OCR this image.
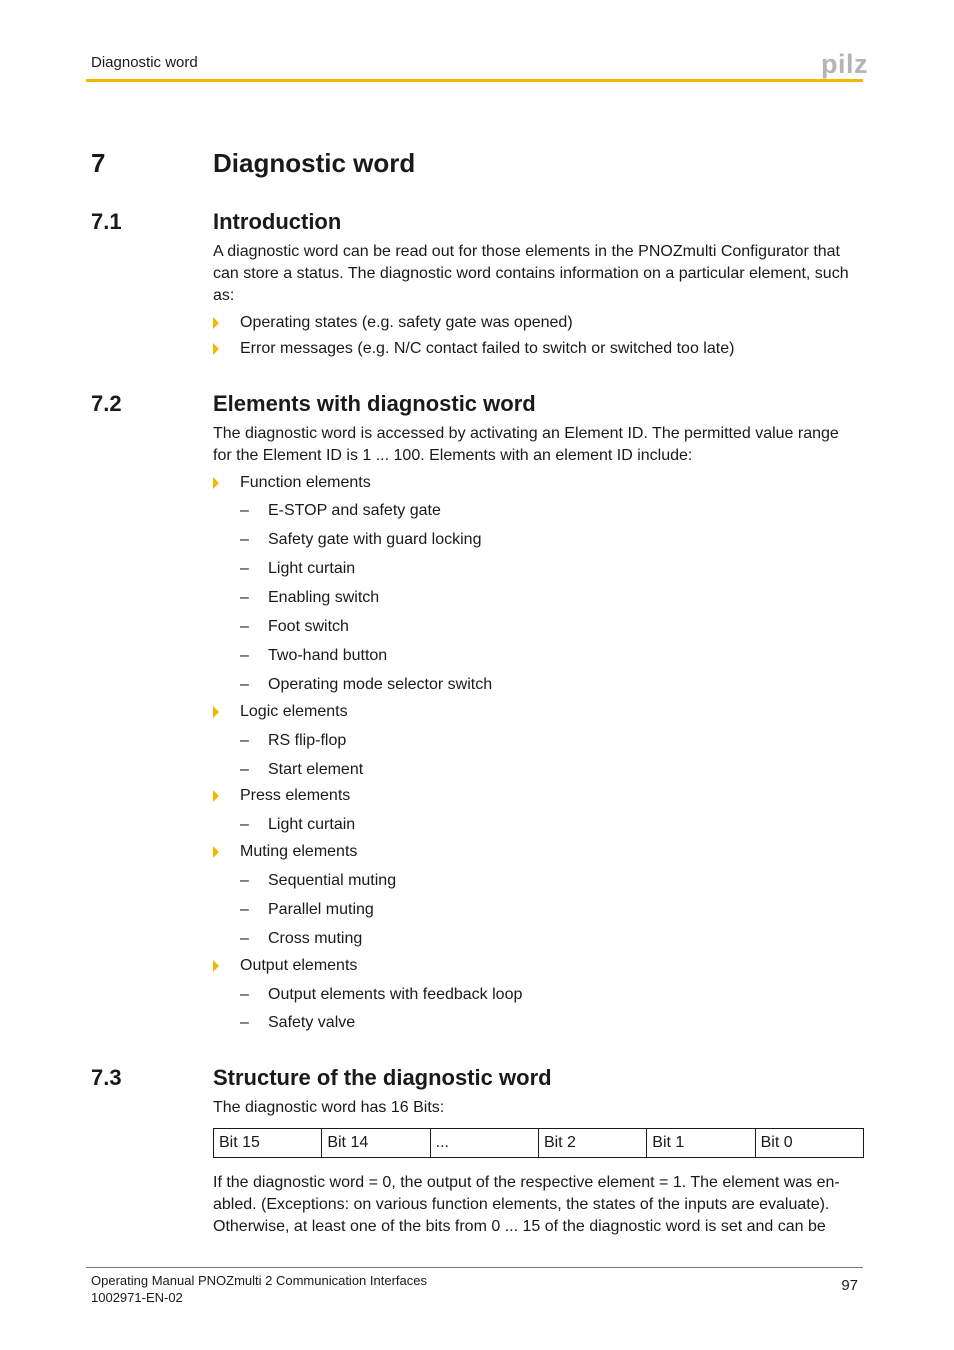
Diagnostic word	pilz
7	Diagnostic word
7.1	Introduction

A diagnostic word can be read out for those elements in the PNOZmulti Configurator that can store a status. The diagnostic word contains information on a particular element, such as:

Operating states (e.g. safety gate was opened)
Error messages (e.g. N/C contact failed to switch or switched too late)
7.2	Elements with diagnostic word

The diagnostic word is accessed by activating an Element ID. The permitted value range for the Element ID is 1 ... 100. Elements with an element ID include:

Function elements
– E-STOP and safety gate
– Safety gate with guard locking
– Light curtain
– Enabling switch
– Foot switch
– Two-hand button
– Operating mode selector switch
Logic elements
– RS flip-flop
– Start element
Press elements
– Light curtain
Muting elements
– Sequential muting
– Parallel muting
– Cross muting
Output elements
– Output elements with feedback loop
– Safety valve
7.3	Structure of the diagnostic word

The diagnostic word has 16 Bits:

Bit 15	Bit 14	...	Bit 2	Bit 1	Bit 0

If the diagnostic word = 0, the output of the respective element = 1. The element was enabled. (Exceptions: on various function elements, the states of the inputs are evaluate). Otherwise, at least one of the bits from 0 ... 15 of the diagnostic word is set and can be

Operating Manual PNOZmulti 2 Communication Interfaces
1002971-EN-02
97
